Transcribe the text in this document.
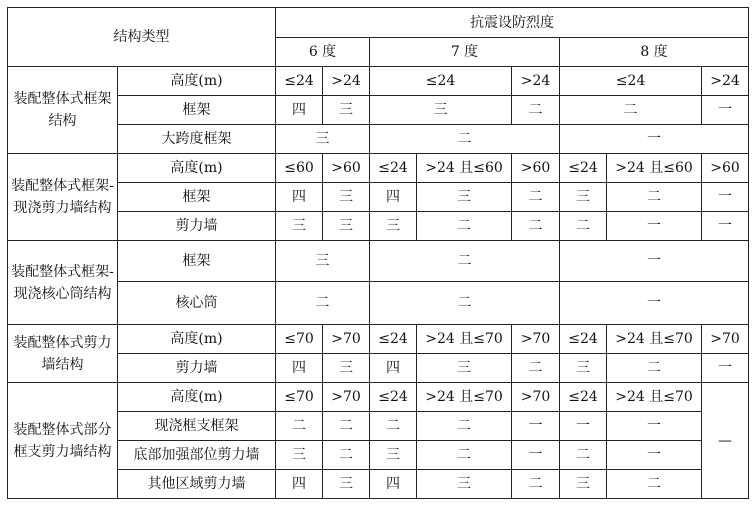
结构类型		抗震设防烈度							
		6 度		7 度			8 度		
装配整体式框架结构	高度(m)	≤24	>24	≤24		>24	≤24		>24
	框架	四	三	三		二	二		一
	大跨度框架	三		二			一		
装配整体式框架-现浇剪力墙结构	高度(m)	≤60	>60	≤24	>24 且≤60	>60	≤24	>24 且≤60	>60
	框架	四	三	四	三	二	三	二	一
	剪力墙	三	三	三	二	二	二	一	一
装配整体式框架-现浇核心筒结构	框架	三		二			一		
	核心筒	二		二			一		
装配整体式剪力墙结构	高度(m)	≤70	>70	≤24	>24 且≤70	>70	≤24	>24 且≤70	>70
	剪力墙	四	三	四	三	二	三	二	一
装配整体式部分框支剪力墙结构	高度(m)	≤70	>70	≤24	>24 且≤70	>70	≤24	>24 且≤70	—
	现浇框支框架	二	二	二	二	一	一	一	
	底部加强部位剪力墙	三	二	三	二	一	二	一	
	其他区域剪力墙	四	三	四	三	二	三	二	
